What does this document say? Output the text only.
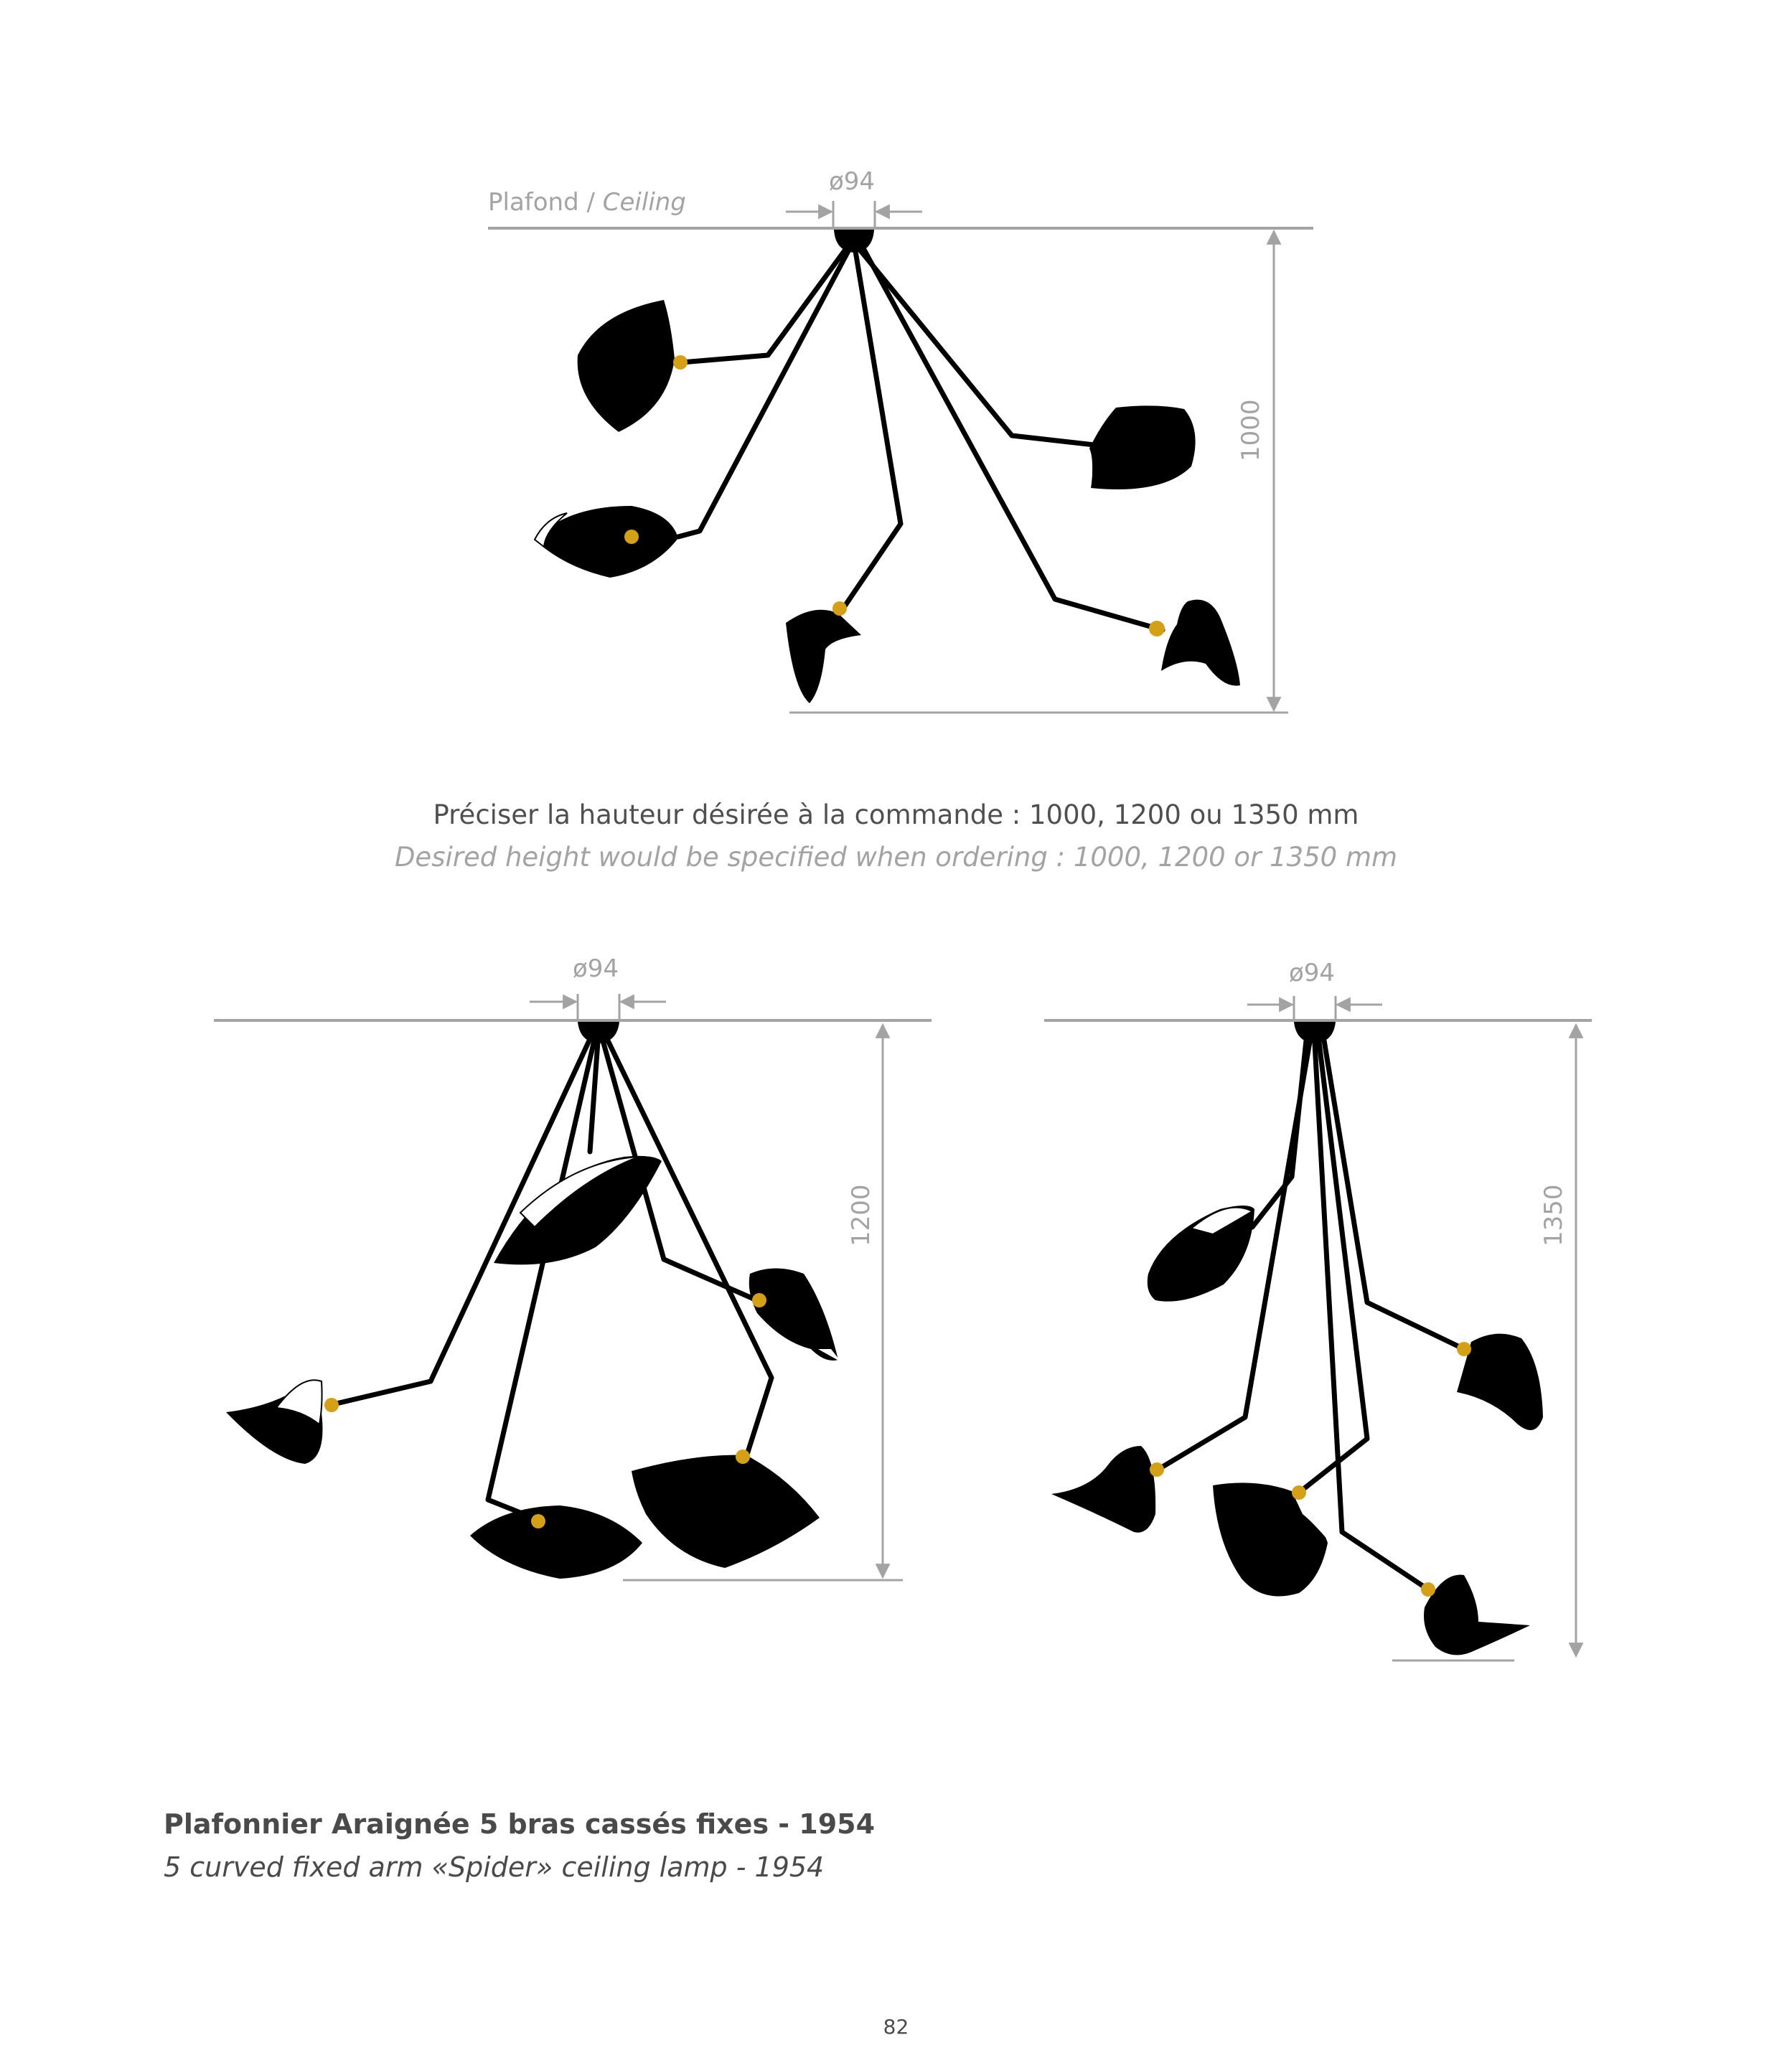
Plafond / Ceiling
ø94
1000
Préciser la hauteur désirée à la commande : 1000, 1200 ou 1350 mm
Desired height would be specified when ordering : 1000, 1200 or 1350 mm
ø94
1200
ø94
1350
Plafonnier Araignée 5 bras cassés fixes - 1954
5 curved fixed arm «Spider» ceiling lamp - 1954
82
